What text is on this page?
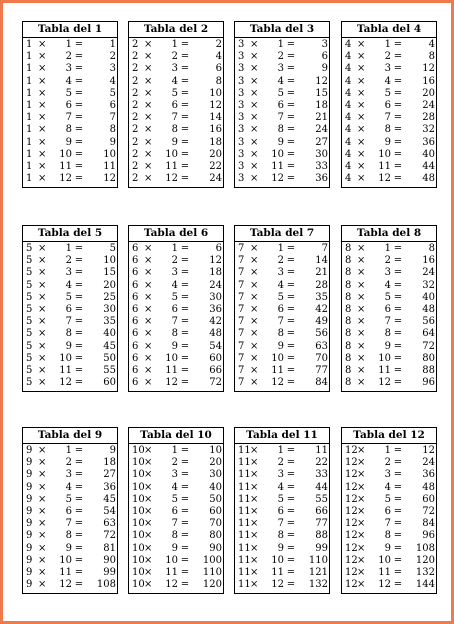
Tabla del 1
1 ×	1 =	1
1 ×	2 =	2
1 ×	3 =	3
1 ×	4 =	4
1 ×	5 =	5
1 ×	6 =	6
1 ×	7 =	7
1 ×	8 =	8
1 ×	9 =	9
1 ×	10 =	10
1 ×	11 =	11
1 ×	12 =	12
Tabla del 2
2 ×	1 =	2
2 ×	2 =	4
2 ×	3 =	6
2 ×	4 =	8
2 ×	5 =	10
2 ×	6 =	12
2 ×	7 =	14
2 ×	8 =	16
2 ×	9 =	18
2 ×	10 =	20
2 ×	11 =	22
2 ×	12 =	24
Tabla del 3
3 ×	1 =	3
3 ×	2 =	6
3 ×	3 =	9
3 ×	4 =	12
3 ×	5 =	15
3 ×	6 =	18
3 ×	7 =	21
3 ×	8 =	24
3 ×	9 =	27
3 ×	10 =	30
3 ×	11 =	33
3 ×	12 =	36
Tabla del 4
4 ×	1 =	4
4 ×	2 =	8
4 ×	3 =	12
4 ×	4 =	16
4 ×	5 =	20
4 ×	6 =	24
4 ×	7 =	28
4 ×	8 =	32
4 ×	9 =	36
4 ×	10 =	40
4 ×	11 =	44
4 ×	12 =	48
Tabla del 5
5 ×	1 =	5
5 ×	2 =	10
5 ×	3 =	15
5 ×	4 =	20
5 ×	5 =	25
5 ×	6 =	30
5 ×	7 =	35
5 ×	8 =	40
5 ×	9 =	45
5 ×	10 =	50
5 ×	11 =	55
5 ×	12 =	60
Tabla del 6
6 ×	1 =	6
6 ×	2 =	12
6 ×	3 =	18
6 ×	4 =	24
6 ×	5 =	30
6 ×	6 =	36
6 ×	7 =	42
6 ×	8 =	48
6 ×	9 =	54
6 ×	10 =	60
6 ×	11 =	66
6 ×	12 =	72
Tabla del 7
7 ×	1 =	7
7 ×	2 =	14
7 ×	3 =	21
7 ×	4 =	28
7 ×	5 =	35
7 ×	6 =	42
7 ×	7 =	49
7 ×	8 =	56
7 ×	9 =	63
7 ×	10 =	70
7 ×	11 =	77
7 ×	12 =	84
Tabla del 8
8 ×	1 =	8
8 ×	2 =	16
8 ×	3 =	24
8 ×	4 =	32
8 ×	5 =	40
8 ×	6 =	48
8 ×	7 =	56
8 ×	8 =	64
8 ×	9 =	72
8 ×	10 =	80
8 ×	11 =	88
8 ×	12 =	96
Tabla del 9
9 ×	1 =	9
9 ×	2 =	18
9 ×	3 =	27
9 ×	4 =	36
9 ×	5 =	45
9 ×	6 =	54
9 ×	7 =	63
9 ×	8 =	72
9 ×	9 =	81
9 ×	10 =	90
9 ×	11 =	99
9 ×	12 =	108
Tabla del 10
10 ×	1 =	10
10 ×	2 =	20
10 ×	3 =	30
10 ×	4 =	40
10 ×	5 =	50
10 ×	6 =	60
10 ×	7 =	70
10 ×	8 =	80
10 ×	9 =	90
10 ×	10 =	100
10 ×	11 =	110
10 ×	12 =	120
Tabla del 11
11 ×	1 =	11
11 ×	2 =	22
11 ×	3 =	33
11 ×	4 =	44
11 ×	5 =	55
11 ×	6 =	66
11 ×	7 =	77
11 ×	8 =	88
11 ×	9 =	99
11 ×	10 =	110
11 ×	11 =	121
11 ×	12 =	132
Tabla del 12
12 ×	1 =	12
12 ×	2 =	24
12 ×	3 =	36
12 ×	4 =	48
12 ×	5 =	60
12 ×	6 =	72
12 ×	7 =	84
12 ×	8 =	96
12 ×	9 =	108
12 ×	10 =	120
12 ×	11 =	132
12 ×	12 =	144
